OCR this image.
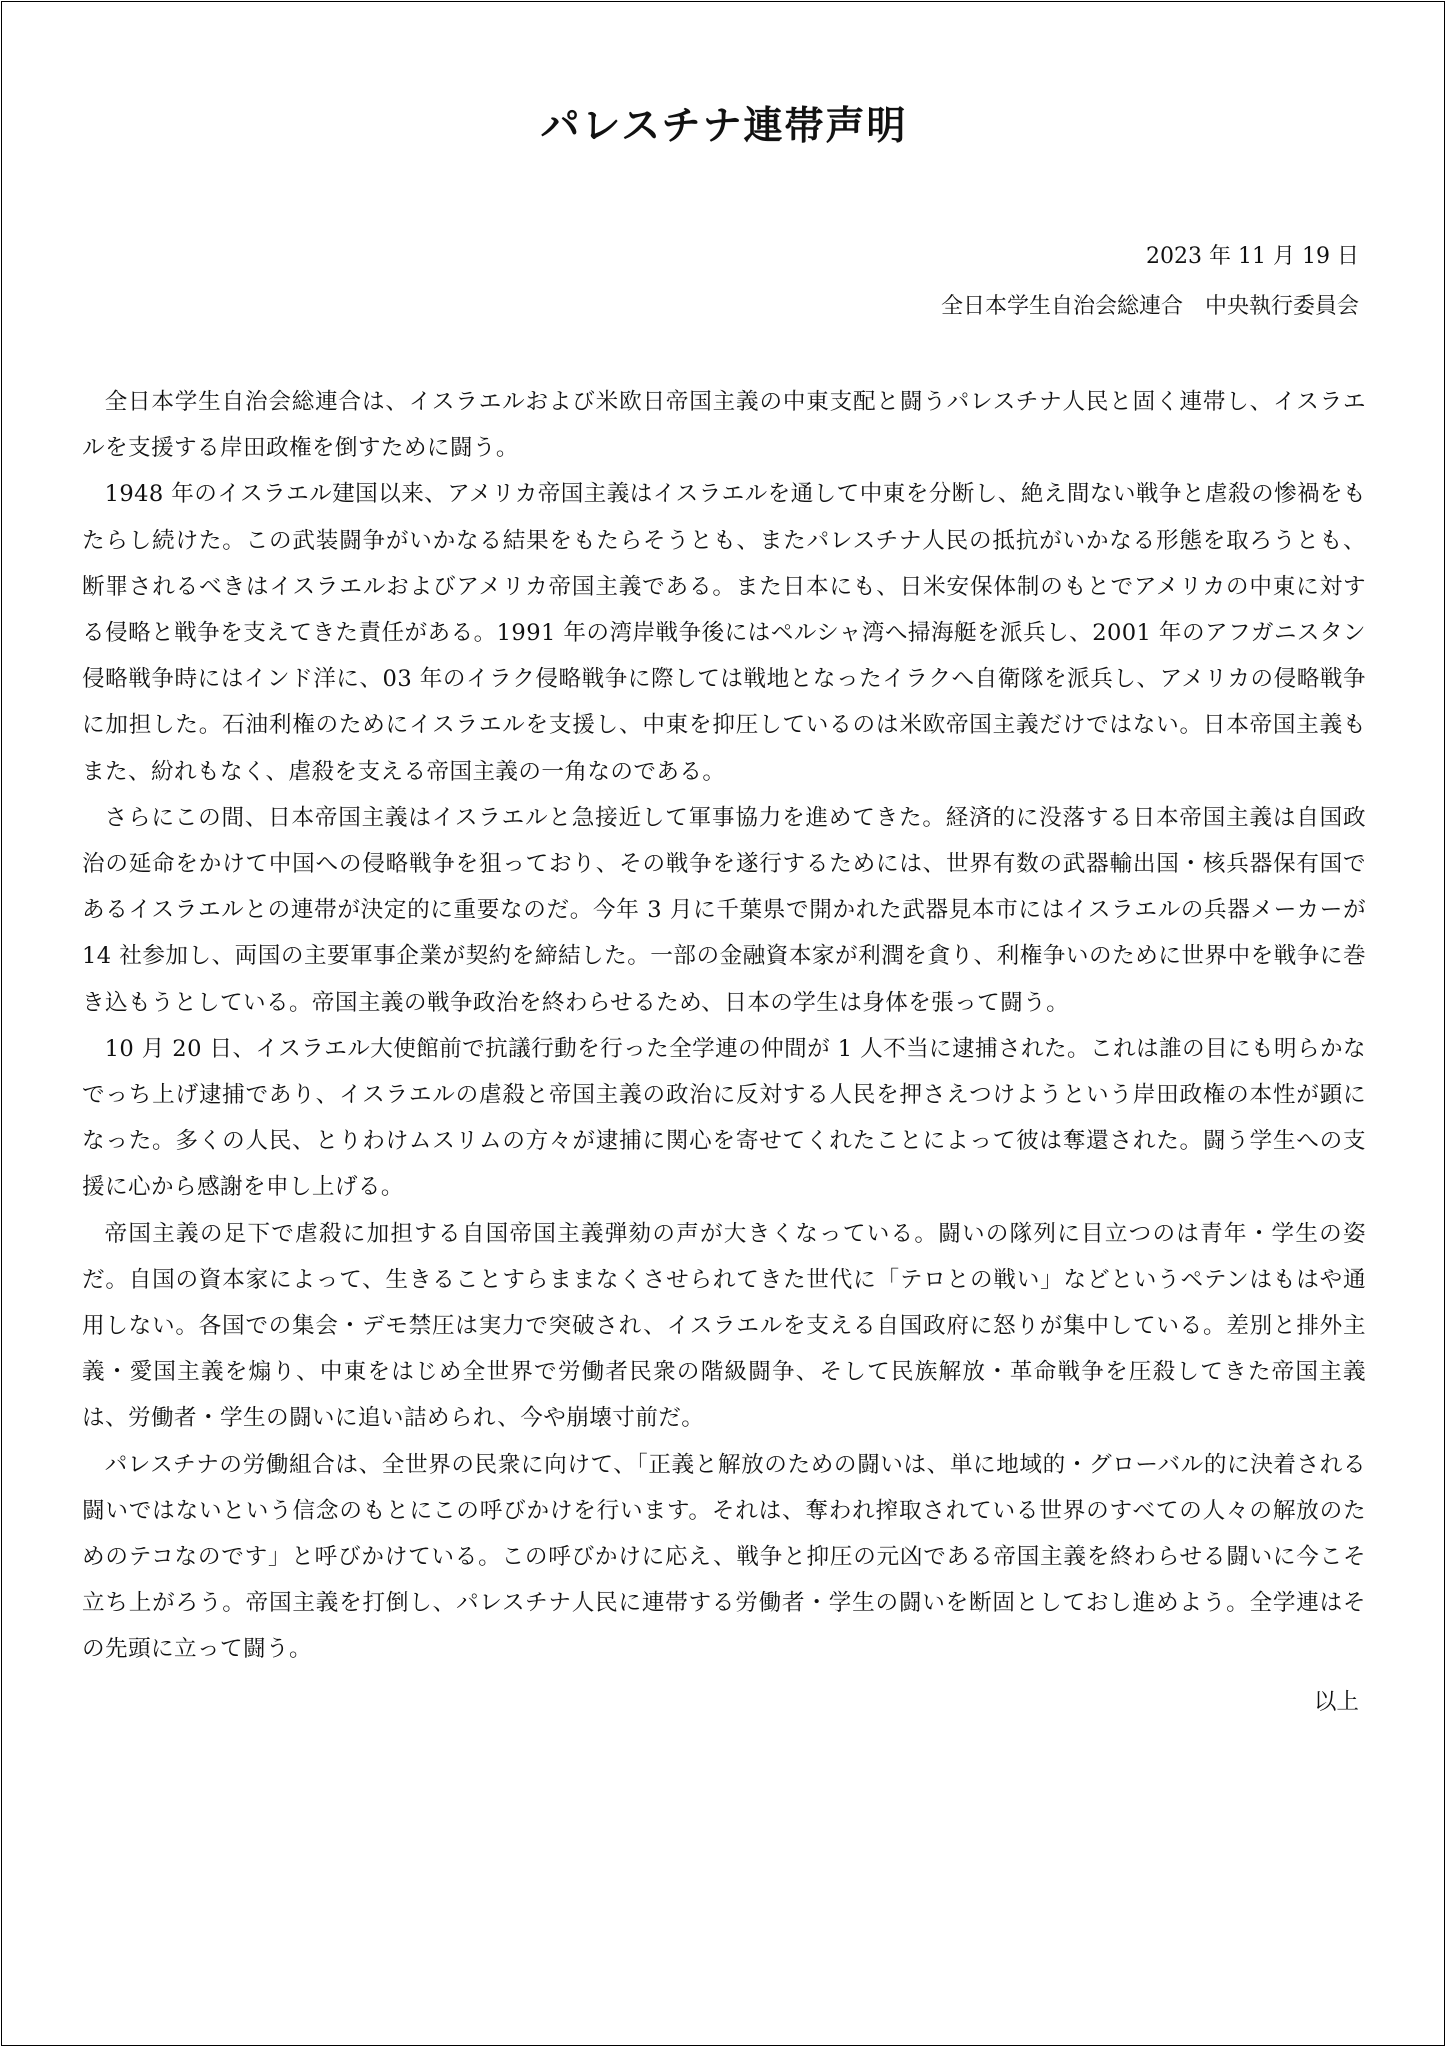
パレスチナ連帯声明
2023 年 11 月 19 日
全日本学生自治会総連合　中央執行委員会

全日本学生自治会総連合は、イスラエルおよび米欧日帝国主義の中東支配と闘うパレスチナ人民と固く連帯し、イスラエルを支援する岸田政権を倒すために闘う。

1948 年のイスラエル建国以来、アメリカ帝国主義はイスラエルを通して中東を分断し、絶え間ない戦争と虐殺の惨禍をもたらし続けた。この武装闘争がいかなる結果をもたらそうとも、またパレスチナ人民の抵抗がいかなる形態を取ろうとも、断罪されるべきはイスラエルおよびアメリカ帝国主義である。また日本にも、日米安保体制のもとでアメリカの中東に対する侵略と戦争を支えてきた責任がある。1991 年の湾岸戦争後にはペルシャ湾へ掃海艇を派兵し、2001 年のアフガニスタン侵略戦争時にはインド洋に、03 年のイラク侵略戦争に際しては戦地となったイラクへ自衛隊を派兵し、アメリカの侵略戦争に加担した。石油利権のためにイスラエルを支援し、中東を抑圧しているのは米欧帝国主義だけではない。日本帝国主義もまた、紛れもなく、虐殺を支える帝国主義の一角なのである。

さらにこの間、日本帝国主義はイスラエルと急接近して軍事協力を進めてきた。経済的に没落する日本帝国主義は自国政治の延命をかけて中国への侵略戦争を狙っており、その戦争を遂行するためには、世界有数の武器輸出国・核兵器保有国であるイスラエルとの連帯が決定的に重要なのだ。今年 3 月に千葉県で開かれた武器見本市にはイスラエルの兵器メーカーが 14 社参加し、両国の主要軍事企業が契約を締結した。一部の金融資本家が利潤を貪り、利権争いのために世界中を戦争に巻き込もうとしている。帝国主義の戦争政治を終わらせるため、日本の学生は身体を張って闘う。

10 月 20 日、イスラエル大使館前で抗議行動を行った全学連の仲間が 1 人不当に逮捕された。これは誰の目にも明らかなでっち上げ逮捕であり、イスラエルの虐殺と帝国主義の政治に反対する人民を押さえつけようという岸田政権の本性が顕になった。多くの人民、とりわけムスリムの方々が逮捕に関心を寄せてくれたことによって彼は奪還された。闘う学生への支援に心から感謝を申し上げる。

帝国主義の足下で虐殺に加担する自国帝国主義弾劾の声が大きくなっている。闘いの隊列に目立つのは青年・学生の姿だ。自国の資本家によって、生きることすらままなくさせられてきた世代に「テロとの戦い」などというペテンはもはや通用しない。各国での集会・デモ禁圧は実力で突破され、イスラエルを支える自国政府に怒りが集中している。差別と排外主義・愛国主義を煽り、中東をはじめ全世界で労働者民衆の階級闘争、そして民族解放・革命戦争を圧殺してきた帝国主義は、労働者・学生の闘いに追い詰められ、今や崩壊寸前だ。

パレスチナの労働組合は、全世界の民衆に向けて、「正義と解放のための闘いは、単に地域的・グローバル的に決着される闘いではないという信念のもとにこの呼びかけを行います。それは、奪われ搾取されている世界のすべての人々の解放のためのテコなのです」と呼びかけている。この呼びかけに応え、戦争と抑圧の元凶である帝国主義を終わらせる闘いに今こそ立ち上がろう。帝国主義を打倒し、パレスチナ人民に連帯する労働者・学生の闘いを断固としておし進めよう。全学連はその先頭に立って闘う。

以上
